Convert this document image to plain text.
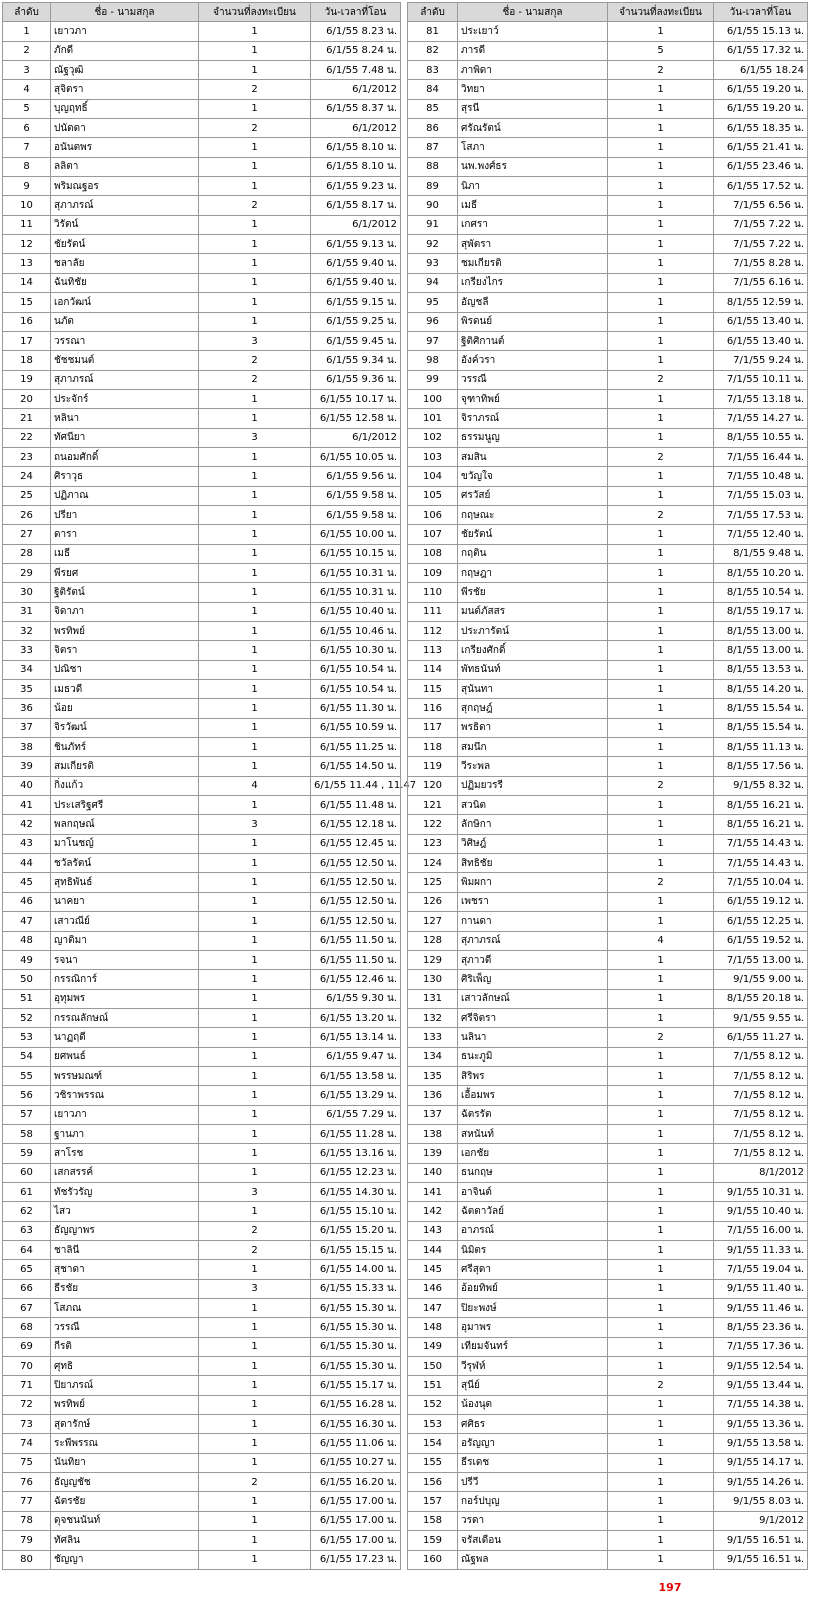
ลำดับ	ชื่อ - นามสกุล	จำนวนที่ลงทะเบียน	วัน-เวลาที่โอน
1	เยาวภา	1	6/1/55 8.23 น.
2	ภักดี	1	6/1/55 8.24 น.
3	ณัฐวุฒิ	1	6/1/55 7.48 น.
4	สุจิตรา	2	6/1/2012
5	บุญฤทธิ์	1	6/1/55 8.37 น.
6	ปนัดดา	2	6/1/2012
7	อนันตพร	1	6/1/55 8.10 น.
8	ลลิตา	1	6/1/55 8.10 น.
9	พริมณฐอร	1	6/1/55 9.23 น.
10	สุภาภรณ์	2	6/1/55 8.17 น.
11	วิรัตน์	1	6/1/2012
12	ชัยรัตน์	1	6/1/55 9.13 น.
13	ชลาลัย	1	6/1/55 9.40 น.
14	ฉันทิชัย	1	6/1/55 9.40 น.
15	เอกวัฒน์	1	6/1/55 9.15 น.
16	นภัต	1	6/1/55 9.25 น.
17	วรรณา	3	6/1/55 9.45 น.
18	ชัชชมนต์	2	6/1/55 9.34 น.
19	สุภาภรณ์	2	6/1/55 9.36 น.
20	ประจักร์	1	6/1/55 10.17 น.
21	หลินา	1	6/1/55 12.58 น.
22	ทัศนียา	3	6/1/2012
23	ถนอมศักดิ์	1	6/1/55 10.05 น.
24	ศิราวุธ	1	6/1/55 9.56 น.
25	ปฏิภาณ	1	6/1/55 9.58 น.
26	ปรียา	1	6/1/55 9.58 น.
27	ดารา	1	6/1/55 10.00 น.
28	เมธี	1	6/1/55 10.15 น.
29	พีรยศ	1	6/1/55 10.31 น.
30	ฐิติรัตน์	1	6/1/55 10.31 น.
31	จิดาภา	1	6/1/55 10.40 น.
32	พรทิพย์	1	6/1/55 10.46 น.
33	จิตรา	1	6/1/55 10.30 น.
34	ปณิชา	1	6/1/55 10.54 น.
35	เมธวดี	1	6/1/55 10.54 น.
36	น้อย	1	6/1/55 11.30 น.
37	จิรวัฒน์	1	6/1/55 10.59 น.
38	ชินภัทร์	1	6/1/55 11.25 น.
39	สมเกียรติ	1	6/1/55 14.50 น.
40	กิ่งแก้ว	4	6/1/55 11.44 , 11.47
41	ประเสริฐศรี	1	6/1/55 11.48 น.
42	พลกฤษณ์	3	6/1/55 12.18 น.
43	มาโนชญ์	1	6/1/55 12.45 น.
44	ชวัลรัตน์	1	6/1/55 12.50 น.
45	สุทธิพันธ์	1	6/1/55 12.50 น.
46	นาคยา	1	6/1/55 12.50 น.
47	เสาวณีย์	1	6/1/55 12.50 น.
48	ญาติมา	1	6/1/55 11.50 น.
49	รจนา	1	6/1/55 11.50 น.
50	กรรณิการ์	1	6/1/55 12.46 น.
51	อุทุมพร	1	6/1/55 9.30 น.
52	กรรณลักษณ์	1	6/1/55 13.20 น.
53	นาฏฤดี	1	6/1/55 13.14 น.
54	ยศพนธ์	1	6/1/55 9.47 น.
55	พรรษมณฑ์	1	6/1/55 13.58 น.
56	วชิราพรรณ	1	6/1/55 13.29 น.
57	เยาวภา	1	6/1/55 7.29 น.
58	ฐานภา	1	6/1/55 11.28 น.
59	สาโรช	1	6/1/55 13.16 น.
60	เสกสรรค์	1	6/1/55 12.23 น.
61	ทัชรัวรัญ	3	6/1/55 14.30 น.
62	ไสว	1	6/1/55 15.10 น.
63	ธัญญาพร	2	6/1/55 15.20 น.
64	ชาลินี	2	6/1/55 15.15 น.
65	สุชาดา	1	6/1/55 14.00 น.
66	ธีรชัย	3	6/1/55 15.33 น.
67	โสภณ	1	6/1/55 15.30 น.
68	วรรณี	1	6/1/55 15.30 น.
69	กีรติ	1	6/1/55 15.30 น.
70	ศุทธิ	1	6/1/55 15.30 น.
71	ปิยาภรณ์	1	6/1/55 15.17 น.
72	พรทิพย์	1	6/1/55 16.28 น.
73	สุดารักษ์	1	6/1/55 16.30 น.
74	ระพีพรรณ	1	6/1/55 11.06 น.
75	นันทิยา	1	6/1/55 10.27 น.
76	ธัญญชัช	2	6/1/55 16.20 น.
77	ฉัตรชัย	1	6/1/55 17.00 น.
78	ดุจชนนันท์	1	6/1/55 17.00 น.
79	ทัศลิน	1	6/1/55 17.00 น.
80	ชัญญา	1	6/1/55 17.23 น.
ลำดับ	ชื่อ - นามสกุล	จำนวนที่ลงทะเบียน	วัน-เวลาที่โอน
81	ประเยาว์	1	6/1/55 15.13 น.
82	ภารดี	5	6/1/55 17.32 น.
83	ภาพิดา	2	6/1/55 18.24
84	วิทยา	1	6/1/55 19.20 น.
85	สุรนี	1	6/1/55 19.20 น.
86	ศรัณรัตน์	1	6/1/55 18.35 น.
87	โสภา	1	6/1/55 21.41 น.
88	นพ.พงศ์ธร	1	6/1/55 23.46 น.
89	นิภา	1	6/1/55 17.52 น.
90	เมธี	1	7/1/55 6.56 น.
91	เกศรา	1	7/1/55 7.22 น.
92	สุพัตรา	1	7/1/55 7.22 น.
93	ชมเกียรติ	1	7/1/55 8.28 น.
94	เกรียงไกร	1	7/1/55 6.16 น.
95	อัญชลี	1	8/1/55 12.59 น.
96	พิรดนย์	1	6/1/55 13.40 น.
97	ฐิติศิกานต์	1	6/1/55 13.40 น.
98	อังค์วรา	1	7/1/55 9.24 น.
99	วรรณี	2	7/1/55 10.11 น.
100	จุฑาทิพย์	1	7/1/55 13.18 น.
101	จิราภรณ์	1	7/1/55 14.27 น.
102	ธรรมนูญ	1	8/1/55 10.55 น.
103	สมสิน	2	7/1/55 16.44 น.
104	ขวัญใจ	1	7/1/55 10.48 น.
105	ศรวัสย์	1	7/1/55 15.03 น.
106	กฤษณะ	2	7/1/55 17.53 น.
107	ชัยรัตน์	1	7/1/55 12.40 น.
108	กฤติน	1	8/1/55 9.48 น.
109	กฤษฎา	1	8/1/55 10.20 น.
110	พีรชัย	1	8/1/55 10.54 น.
111	มนต์ภัสสร	1	8/1/55 19.17 น.
112	ประภารัตน์	1	8/1/55 13.00 น.
113	เกรียงศักดิ์	1	8/1/55 13.00 น.
114	พัทธนันท์	1	8/1/55 13.53 น.
115	สุนันทา	1	8/1/55 14.20 น.
116	สุกฤษฎ์	1	8/1/55 15.54 น.
117	พรธิดา	1	8/1/55 15.54 น.
118	สมนึก	1	8/1/55 11.13 น.
119	วีระพล	1	8/1/55 17.56 น.
120	ปฏิมยวรรี	2	9/1/55 8.32 น.
121	สวนิต	1	8/1/55 16.21 น.
122	ลักษิกา	1	8/1/55 16.21 น.
123	วิศิษฎ์	1	7/1/55 14.43 น.
124	สิทธิชัย	1	7/1/55 14.43 น.
125	พิมผกา	2	7/1/55 10.04 น.
126	เพชรา	1	6/1/55 19.12 น.
127	กานดา	1	6/1/55 12.25 น.
128	สุภาภรณ์	4	6/1/55 19.52 น.
129	สุภาวดี	1	7/1/55 13.00 น.
130	ศิริเพ็ญ	1	9/1/55 9.00 น.
131	เสาวลักษณ์	1	8/1/55 20.18 น.
132	ศรีจิตรา	1	9/1/55 9.55 น.
133	นลินา	2	6/1/55 11.27 น.
134	ธนะภูมิ	1	7/1/55 8.12 น.
135	สิริพร	1	7/1/55 8.12 น.
136	เอื้อมพร	1	7/1/55 8.12 น.
137	ฉัตรรัต	1	7/1/55 8.12 น.
138	สหนันท์	1	7/1/55 8.12 น.
139	เอกชัย	1	7/1/55 8.12 น.
140	ธนกฤษ	1	8/1/2012
141	อาจินต์	1	9/1/55 10.31 น.
142	ฉัตตาวัลย์	1	9/1/55 10.40 น.
143	อาภรณ์	1	7/1/55 16.00 น.
144	นิมิตร	1	9/1/55 11.33 น.
145	ศรีสุดา	1	7/1/55 19.04 น.
146	อ้อยทิพย์	1	9/1/55 11.40 น.
147	ปิยะพงษ์	1	9/1/55 11.46 น.
148	อุมาพร	1	8/1/55 23.36 น.
149	เทียมจันทร์	1	7/1/55 17.36 น.
150	วีรุฬห์	1	9/1/55 12.54 น.
151	สุนีย์	2	9/1/55 13.44 น.
152	น้องนุต	1	7/1/55 14.38 น.
153	ศศิธร	1	9/1/55 13.36 น.
154	อรัญญา	1	9/1/55 13.58 น.
155	ธีรเดช	1	9/1/55 14.17 น.
156	ปรีวี	1	9/1/55 14.26 น.
157	กอร์ปบุญ	1	9/1/55 8.03 น.
158	วรดา	1	9/1/2012
159	จรัสเดือน	1	9/1/55 16.51 น.
160	ณัฐพล	1	9/1/55 16.51 น.
197
